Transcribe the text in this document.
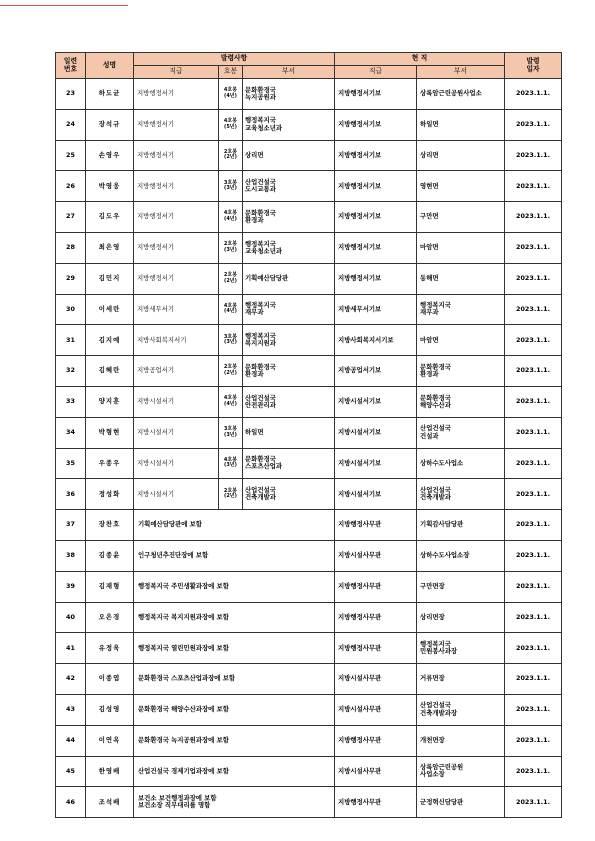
일련
번호	성명	발령사항			현 직		발령
일자
		직급	호봉	부서	직급	부서	
23	하도균	지방행정서기	4호봉
(4년)	문화환경국
녹지공원과	지방행정서기보	상록암근린공원사업소	2023.1.1.
24	장석규	지방행정서기	4호봉
(5년)	행정복지국
교육청소년과	지방행정서기보	하일면	2023.1.1.
25	손영우	지방행정서기	2호봉
(2년)	상리면	지방행정서기보	상리면	2023.1.1.
26	박영웅	지방행정서기	3호봉
(3년)	산업건설국
도시교통과	지방행정서기보	영현면	2023.1.1.
27	김도우	지방행정서기	4호봉
(4년)	문화환경국
환경과	지방행정서기보	구만면	2023.1.1.
28	최은영	지방행정서기	2호봉
(3년)	행정복지국
교육청소년과	지방행정서기보	마암면	2023.1.1.
29	김민지	지방행정서기	2호봉
(2년)	기획예산담당관	지방행정서기보	동해면	2023.1.1.
30	이세란	지방세무서기	4호봉
(4년)	행정복지국
재무과	지방세무서기보	행정복지국
재무과	2023.1.1.
31	김지예	지방사회복지서기	3호봉
(3년)	행정복지국
복지지원과	지방사회복지서기보	마암면	2023.1.1.
32	김혜란	지방공업서기	2호봉
(2년)	문화환경국
환경과	지방공업서기보	문화환경국
환경과	2023.1.1.
33	양지훈	지방시설서기	4호봉
(4년)	산업건설국
안전관리과	지방시설서기보	문화환경국
해양수산과	2023.1.1.
34	박형현	지방시설서기	3호봉
(3년)	하일면	지방시설서기보	산업건설국
건설과	2023.1.1.
35	우종우	지방시설서기	4호봉
(3년)	문화환경국
스포츠산업과	지방시설서기보	상하수도사업소	2023.1.1.
36	정성화	지방시설서기	2호봉
(2년)	산업건설국
건축개발과	지방시설서기보	산업건설국
건축개발과	2023.1.1.
37	장찬호	기획예산담당관에 보함			지방행정사무관	기획감사담당관	2023.1.1.
38	김종윤	인구청년추진단장에 보함			지방시설사무관	상하수도사업소장	2023.1.1.
39	김재형	행정복지국 주민생활과장에 보함			지방행정사무관	구만면장	2023.1.1.
40	오은경	행정복지국 복지지원과장에 보함			지방행정사무관	상리면장	2023.1.1.
41	유정욱	행정복지국 열린민원과장에 보함			지방행정사무관	행정복지국
민원봉사과장	2023.1.1.
42	이종엽	문화환경국 스포츠산업과장에 보함			지방시설사무관	거류면장	2023.1.1.
43	김성영	문화환경국 해양수산과장에 보함			지방시설사무관	산업건설국
건축개발과장	2023.1.1.
44	이연옥	문화환경국 녹지공원과장에 보함			지방행정사무관	개천면장	2023.1.1.
45	한영배	산업건설국 경제기업과장에 보함			지방시설사무관	상록암근린공원
사업소장	2023.1.1.
46	조석배	보건소 보건행정과장에 보함
보건소장 직무대리를 명함			지방행정사무관	군정혁신담당관	2023.1.1.
